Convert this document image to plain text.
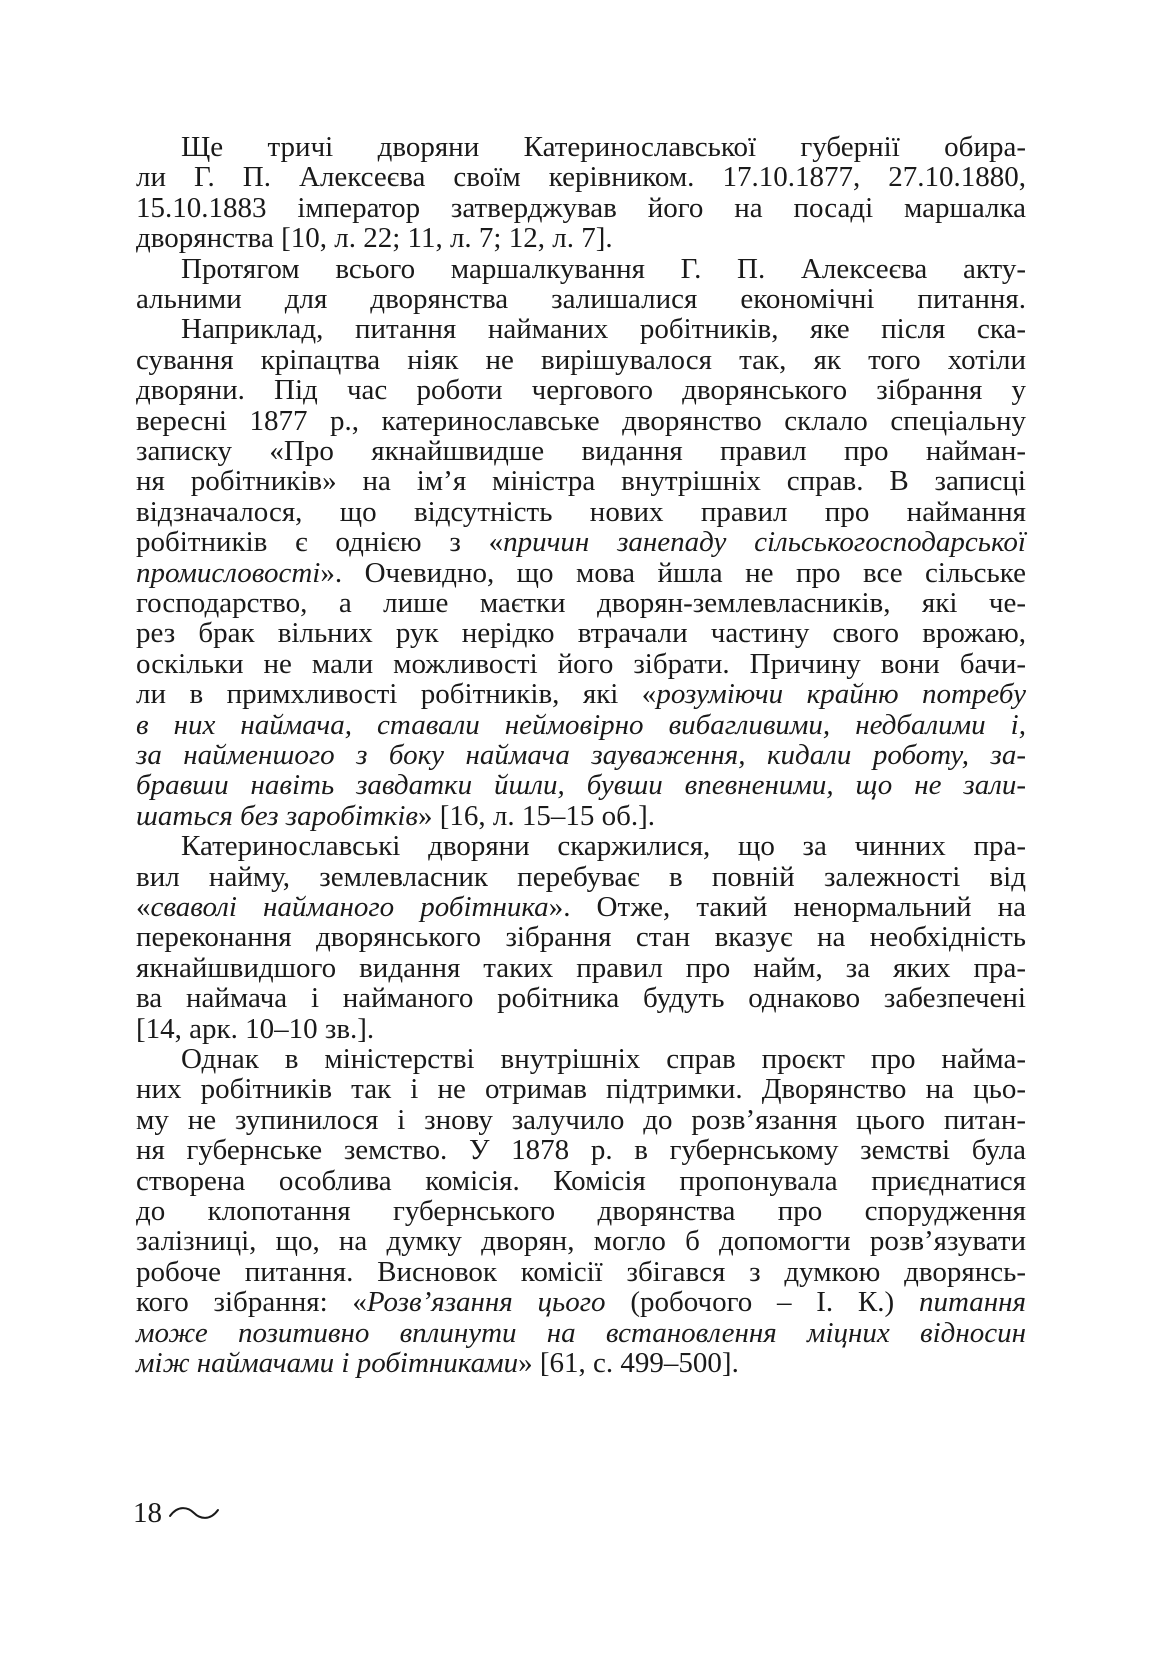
Ще тричі дворяни Катеринославської губернії обира-
ли Г. П. Алексеєва своїм керівником. 17.10.1877, 27.10.1880,
15.10.1883 імператор затверджував його на посаді маршалка
дворянства [10, л. 22; 11, л. 7; 12, л. 7].
Протягом всього маршалкування Г. П. Алексеєва акту-
альними для дворянства залишалися економічні питання.
Наприклад, питання найманих робітників, яке після ска-
сування кріпацтва ніяк не вирішувалося так, як того хотіли
дворяни. Під час роботи чергового дворянського зібрання у
вересні 1877 р., катеринославське дворянство склало спеціальну
записку «Про якнайшвидше видання правил про найман-
ня робітників» на ім’я міністра внутрішніх справ. В записці
відзначалося, що відсутність нових правил про наймання
робітників є однією з «причин занепаду сільськогосподарської
промисловості». Очевидно, що мова йшла не про все сільське
господарство, а лише маєтки дворян-землевласників, які че-
рез брак вільних рук нерідко втрачали частину свого врожаю,
оскільки не мали можливості його зібрати. Причину вони бачи-
ли в примхливості робітників, які «розуміючи крайню потребу
в них наймача, ставали неймовірно вибагливими, недбалими і,
за найменшого з боку наймача зауваження, кидали роботу, за-
бравши навіть завдатки йшли, бувши впевненими, що не зали-
шаться без заробітків» [16, л. 15–15 об.].
Катеринославські дворяни скаржилися, що за чинних пра-
вил найму, землевласник перебуває в повній залежності від
«сваволі найманого робітника». Отже, такий ненормальний на
переконання дворянського зібрання стан вказує на необхідність
якнайшвидшого видання таких правил про найм, за яких пра-
ва наймача і найманого робітника будуть однаково забезпечені
[14, арк. 10–10 зв.].
Однак в міністерстві внутрішніх справ проєкт про найма-
них робітників так і не отримав підтримки. Дворянство на цьо-
му не зупинилося і знову залучило до розв’язання цього питан-
ня губернське земство. У 1878 р. в губернському земстві була
створена особлива комісія. Комісія пропонувала приєднатися
до клопотання губернського дворянства про спорудження
залізниці, що, на думку дворян, могло б допомогти розв’язувати
робоче питання. Висновок комісії збігався з думкою дворянсь-
кого зібрання: «Розв’язання цього (робочого – І. К.) питання
може позитивно вплинути на встановлення міцних відносин
між наймачами і робітниками» [61, с. 499–500].
18
